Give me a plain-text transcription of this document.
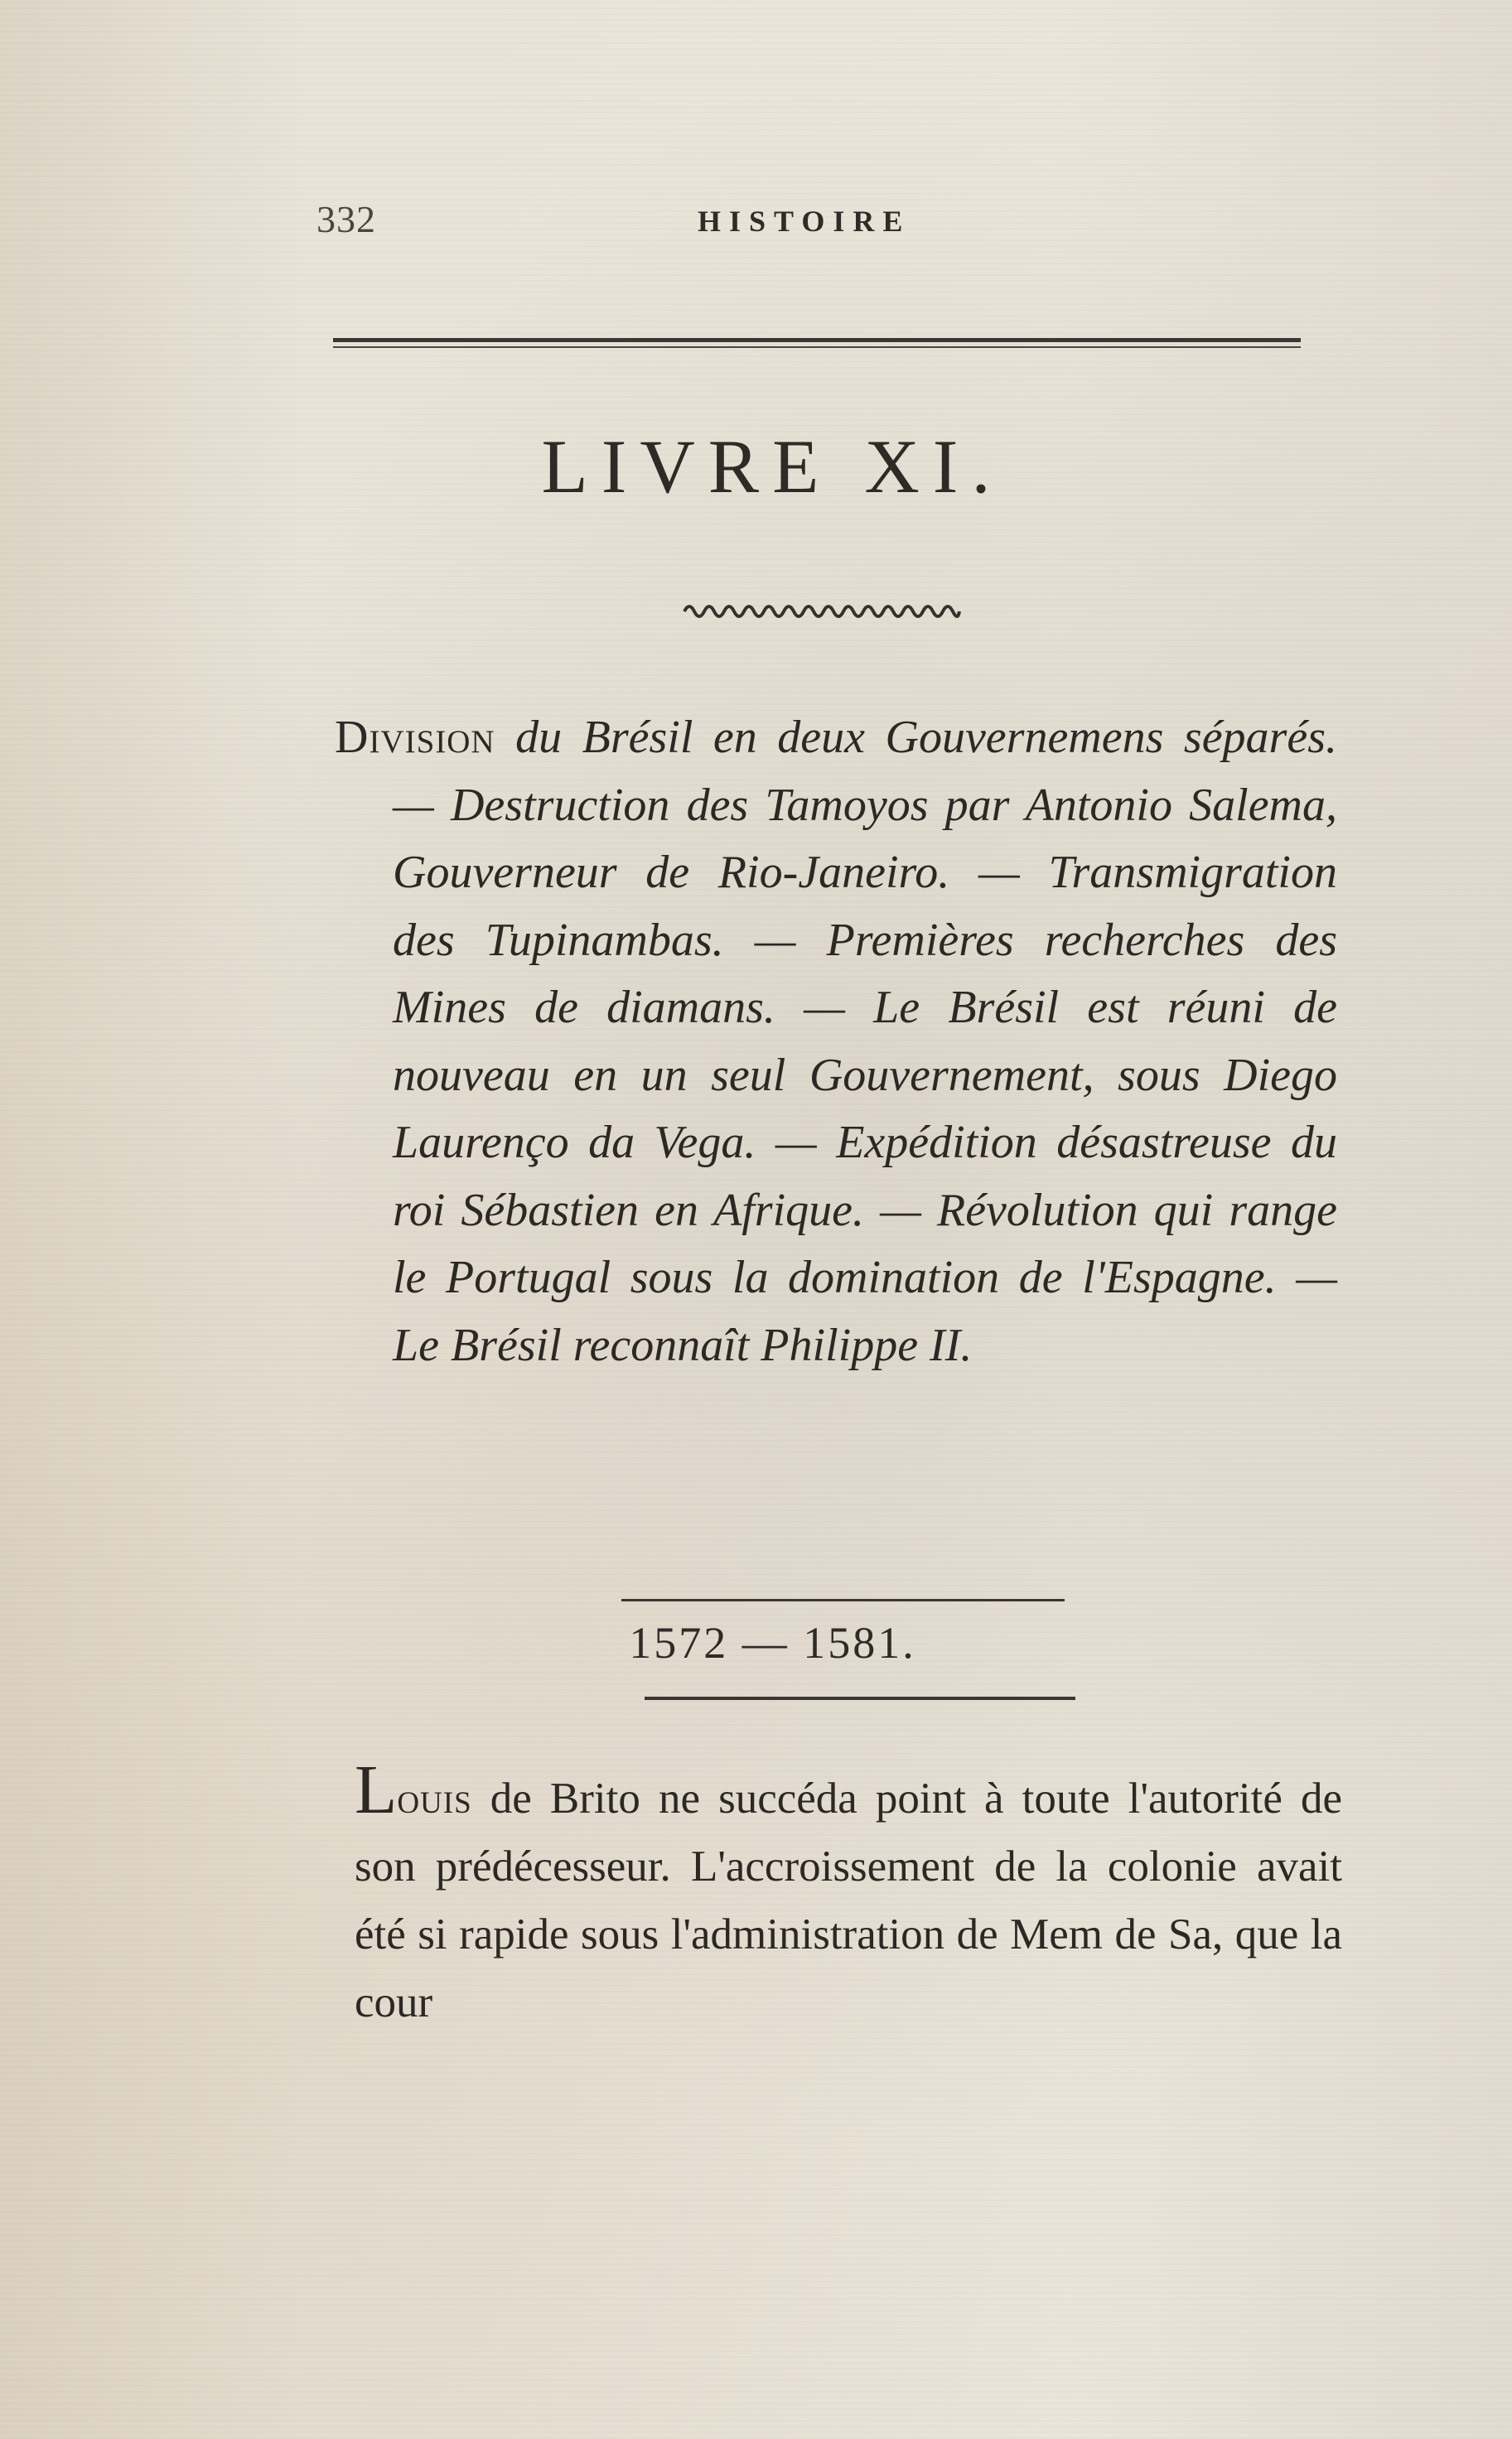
332	HISTOIRE
LIVRE XI.
Division du Brésil en deux Gouvernemens séparés. — Destruction des Tamoyos par Antonio Salema, Gouverneur de Rio-Janeiro. — Transmigration des Tupinambas. — Premières recherches des Mines de diamans. — Le Brésil est réuni de nouveau en un seul Gouvernement, sous Diego Laurenço da Vega. — Expédition désastreuse du roi Sébastien en Afrique. — Révolution qui range le Portugal sous la domination de l'Espagne. — Le Brésil reconnaît Philippe II.
1572 — 1581.
Louis de Brito ne succéda point à toute l'autorité de son prédécesseur. L'accroissement de la colonie avait été si rapide sous l'administration de Mem de Sa, que la cour
